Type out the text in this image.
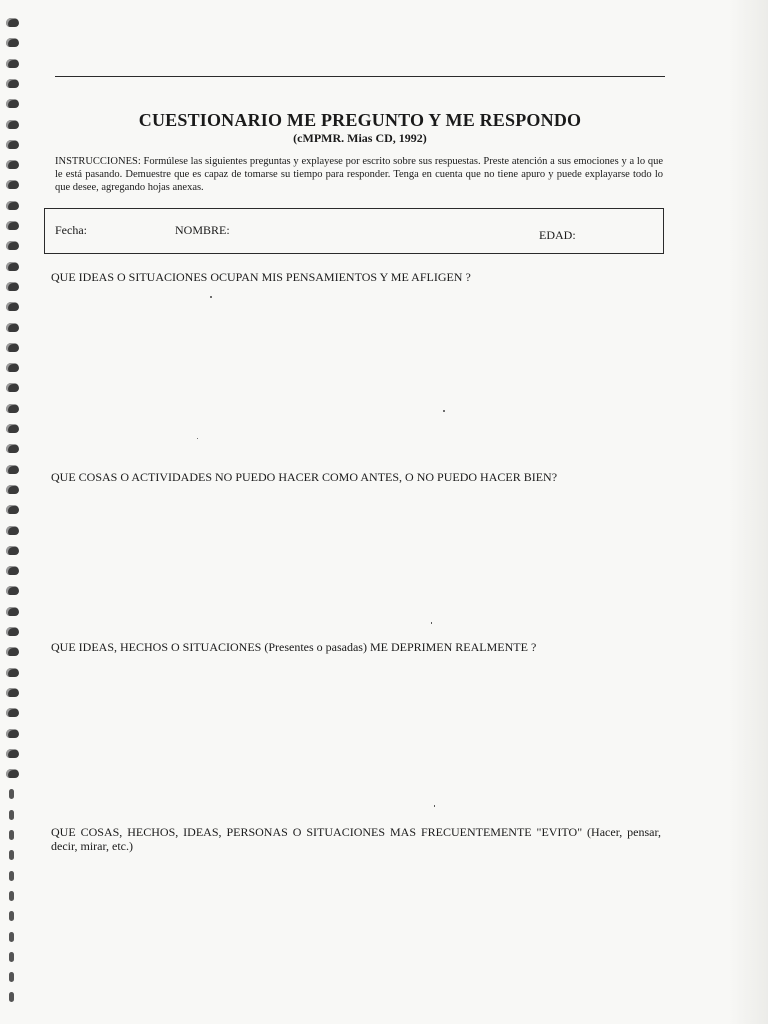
CUESTIONARIO ME PREGUNTO Y ME RESPONDO
(cMPMR. Mias CD, 1992)
INSTRUCCIONES: Formúlese las siguientes preguntas y explayese por escrito sobre sus respuestas. Preste atención a sus emociones y a lo que le está pasando. Demuestre que es capaz de tomarse su tiempo para responder. Tenga en cuenta que no tiene apuro y puede explayarse todo lo que desee, agregando hojas anexas.
Fecha:	NOMBRE:	EDAD:
QUE IDEAS O SITUACIONES OCUPAN MIS PENSAMIENTOS Y ME AFLIGEN ?
QUE COSAS O ACTIVIDADES NO PUEDO HACER COMO ANTES, O NO PUEDO HACER BIEN?
QUE IDEAS, HECHOS O SITUACIONES (Presentes o pasadas) ME DEPRIMEN REALMENTE ?
QUE COSAS, HECHOS, IDEAS, PERSONAS O SITUACIONES MAS FRECUENTEMENTE "EVITO" (Hacer, pensar, decir, mirar, etc.)
